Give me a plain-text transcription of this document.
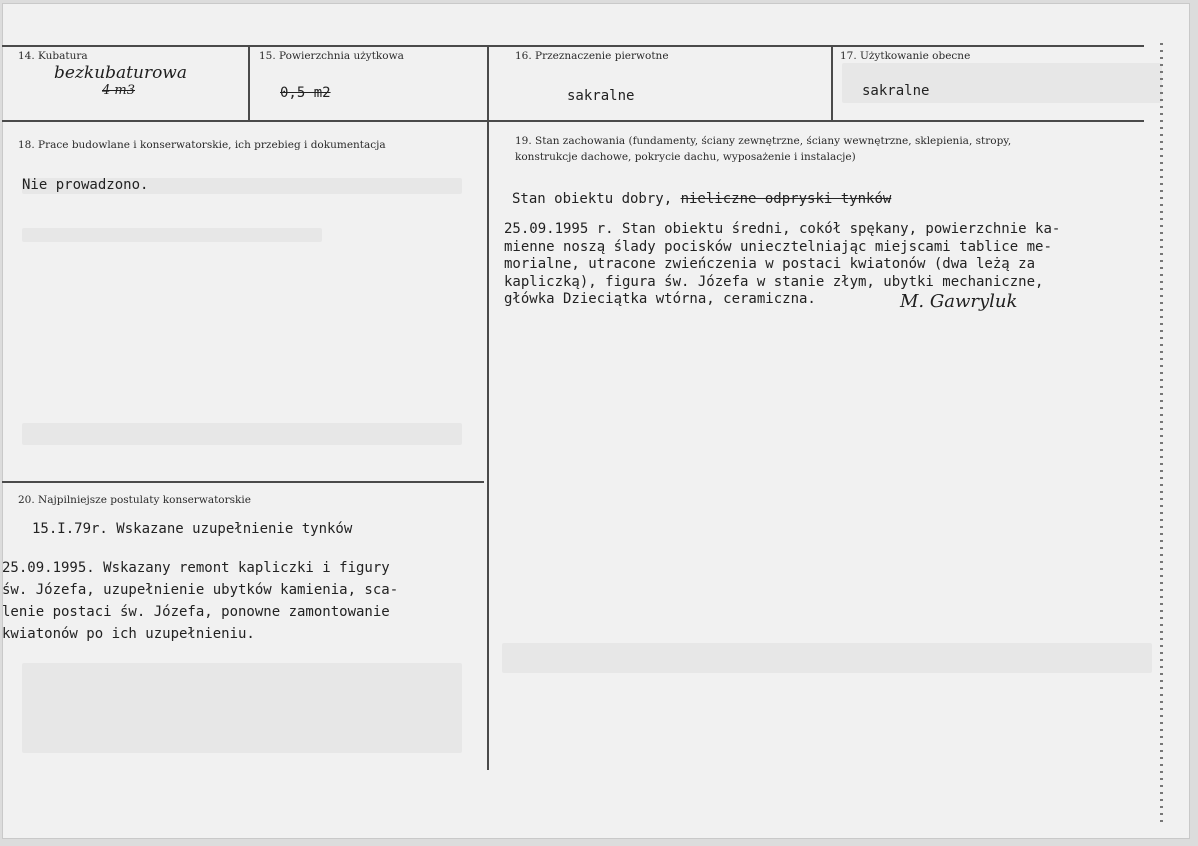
14. Kubatura
bezkubaturowa
4 m3
15. Powierzchnia użytkowa
0,5 m2
16. Przeznaczenie pierwotne
sakralne
17. Użytkowanie obecne
sakralne
18. Prace budowlane i konserwatorskie, ich przebieg i dokumentacja
Nie prowadzono.
19. Stan zachowania (fundamenty, ściany zewnętrzne, ściany wewnętrzne, sklepienia, stropy,
konstrukcje dachowe, pokrycie dachu, wyposażenie i instalacje)
Stan obiektu dobry, nieliczne odpryski tynków
25.09.1995 r. Stan obiektu średni, cokół spękany, powierzchnie ka-
mienne noszą ślady pocisków uniecztelniając miejscami tablice me-
morialne, utracone zwieńczenia w postaci kwiatonów (dwa leżą za
kapliczką), figura św. Józefa w stanie złym, ubytki mechaniczne,
główka Dzieciątka wtórna, ceramiczna.	M. Gawryluk
20. Najpilniejsze postulaty konserwatorskie
15.I.79r. Wskazane uzupełnienie tynków
25.09.1995. Wskazany remont kapliczki i figury
św. Józefa, uzupełnienie ubytków kamienia, sca-
lenie postaci św. Józefa, ponowne zamontowanie
kwiatonów po ich uzupełnieniu.
